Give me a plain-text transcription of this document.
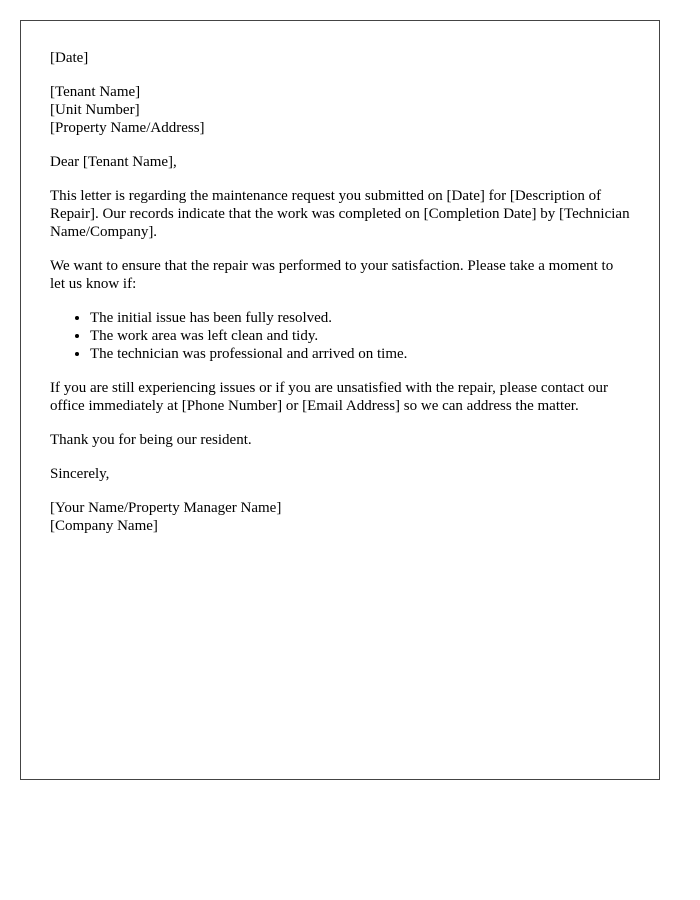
[Date]
[Tenant Name]
[Unit Number]
[Property Name/Address]

Dear [Tenant Name],

This letter is regarding the maintenance request you submitted on [Date] for [Description of Repair]. Our records indicate that the work was completed on [Completion Date] by [Technician Name/Company].

We want to ensure that the repair was performed to your satisfaction. Please take a moment to let us know if:

• The initial issue has been fully resolved.
• The work area was left clean and tidy.
• The technician was professional and arrived on time.

If you are still experiencing issues or if you are unsatisfied with the repair, please contact our office immediately at [Phone Number] or [Email Address] so we can address the matter.

Thank you for being our resident.

Sincerely,

[Your Name/Property Manager Name]
[Company Name]
